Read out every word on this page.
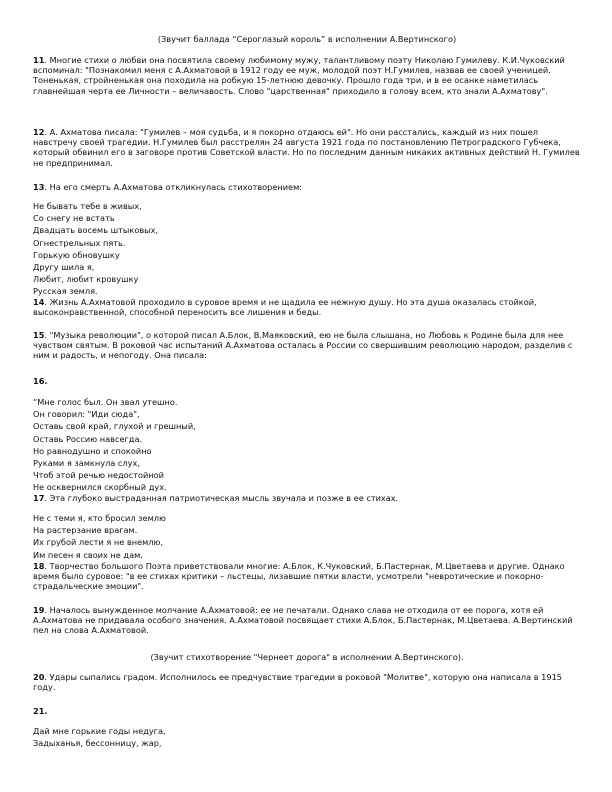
(Звучит баллада “Сероглазый король” в исполнении А.Вертинского)

11. Многие стихи о любви она посвятила своему любимому мужу, талантливому поэту Николаю Гумилеву. К.И.Чуковский вспоминал: "Познакомил меня с А.Ахматовой в 1912 году ее муж, молодой поэт Н.Гумилев, назвав ее своей ученицей. Тоненькая, стройненькая она походила на робкую 15-летнюю девочку. Прошло года три, и в ее осанке наметилась главнейшая черта ее Личности – величавость. Слово "царственная" приходило в голову всем, кто знали А.Ахматову".

12. А. Ахматова писала: "Гумилев – моя судьба, и я покорно отдаюсь ей". Но они расстались, каждый из них пошел навстречу своей трагедии. Н.Гумилев был расстрелян 24 августа 1921 года по постановлению Петроградского Губчека, который обвинил его в заговоре против Советской власти. Но по последним данным никаких активных действий Н. Гумилев не предпринимал.

13. На его смерть А.Ахматова откликнулась стихотворением:

Не бывать тебе в живых,
Со снегу не встать
Двадцать восемь штыковых,
Огнестрельных пять.
Горькую обновушку
Другу шила я,
Любит, любит кровушку
Русская земля.

14. Жизнь А.Ахматовой проходило в суровое время и не щадила ее нежную душу. Но эта душа оказалась стойкой, высоконравственной, способной переносить все лишения и беды.

15. "Музыка революции", о которой писал А.Блок, В.Маяковский, ею не была слышана, но Любовь к Родине была для нее чувством святым. В роковой час испытаний А.Ахматова осталась в России со свершившим революцию народом, разделив с ним и радость, и непогоду. Она писала:

16.

“Мне голос был. Он звал утешно.
Он говорил: "Иди сюда",
Оставь свой край, глухой и грешный,
Оставь Россию навсегда.
Но равнодушно и спокойно
Руками я замкнула слух,
Чтоб этой речью недостойной
Не осквернился скорбный дух.

17. Эта глубоко выстраданная патриотическая мысль звучала и позже в ее стихах.

Не с теми я, кто бросил землю
На растерзание врагам.
Их грубой лести я не внемлю,
Им песен я своих не дам.

18. Творчество большого Поэта приветствовали многие: А.Блок, К.Чуковский, Б.Пастернак, М.Цветаева и другие. Однако время было суровое: "в ее стихах критики – льстецы, лизавшие пятки власти, усмотрели "невротические и покорно-страдальческие эмоции".

19. Началось вынужденное молчание А.Ахматовой: ее не печатали. Однако слава не отходила от ее порога, хотя ей А.Ахматова не придавала особого значения. А.Ахматовой посвящает стихи А.Блок, Б.Пастернак, М.Цветаева. А.Вертинский пел на слова А.Ахматовой.

(Звучит стихотворение "Чернеет дорога" в исполнении А.Вертинского).

20. Удары сыпались градом. Исполнилось ее предчувствие трагедии в роковой "Молитве", которую она написала в 1915 году.

21.

Дай мне горькие годы недуга,
Задыханья, бессонницу, жар,
